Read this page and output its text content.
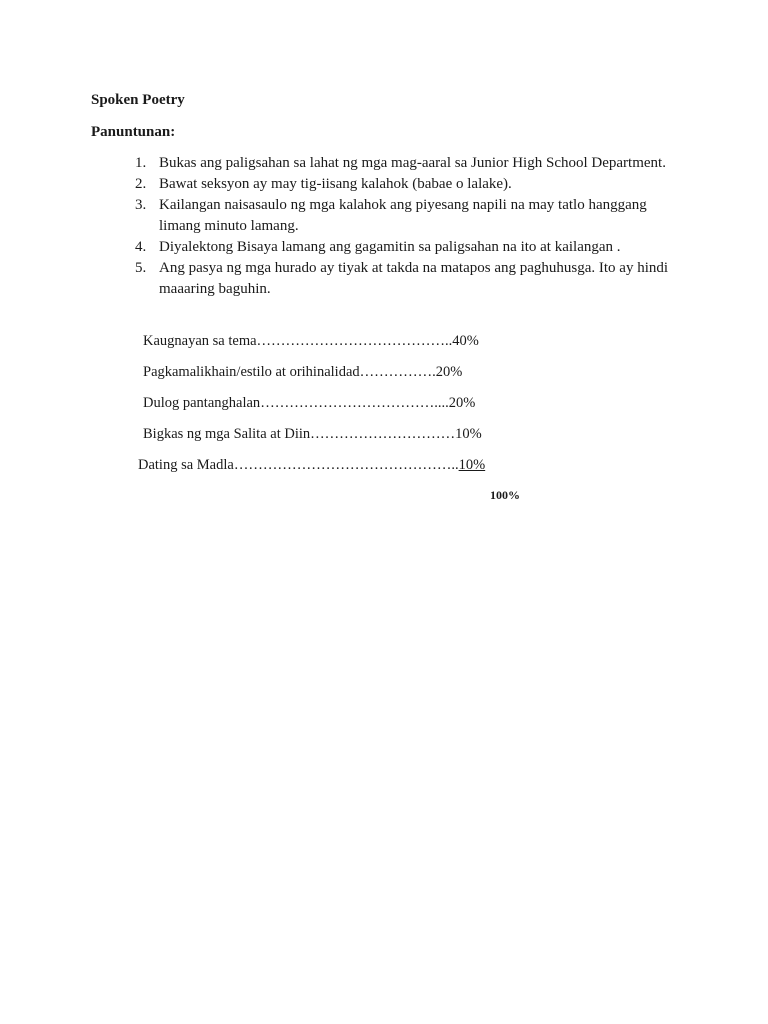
Spoken Poetry

Panuntunan:

1. Bukas ang paligsahan sa lahat ng mga mag-aaral sa Junior High School Department.
2. Bawat seksyon ay may tig-iisang kalahok (babae o lalake).
3. Kailangan naisasaulo ng mga kalahok ang piyesang napili na may tatlo hanggang limang minuto lamang.
4. Diyalektong Bisaya lamang ang gagamitin sa paligsahan na ito at kailangan .
5. Ang pasya ng mga hurado ay tiyak at takda na matapos ang paghuhusga. Ito ay hindi maaaring baguhin.
Kaugnayan sa tema…………………………………..40%
Pagkamalikhain/estilo at orihinalidad…………….20%
Dulog pantanghalan………………………………....20%
Bigkas ng mga Salita at Diin…………………………10%
Dating sa Madla………………………………………..10%
100%
